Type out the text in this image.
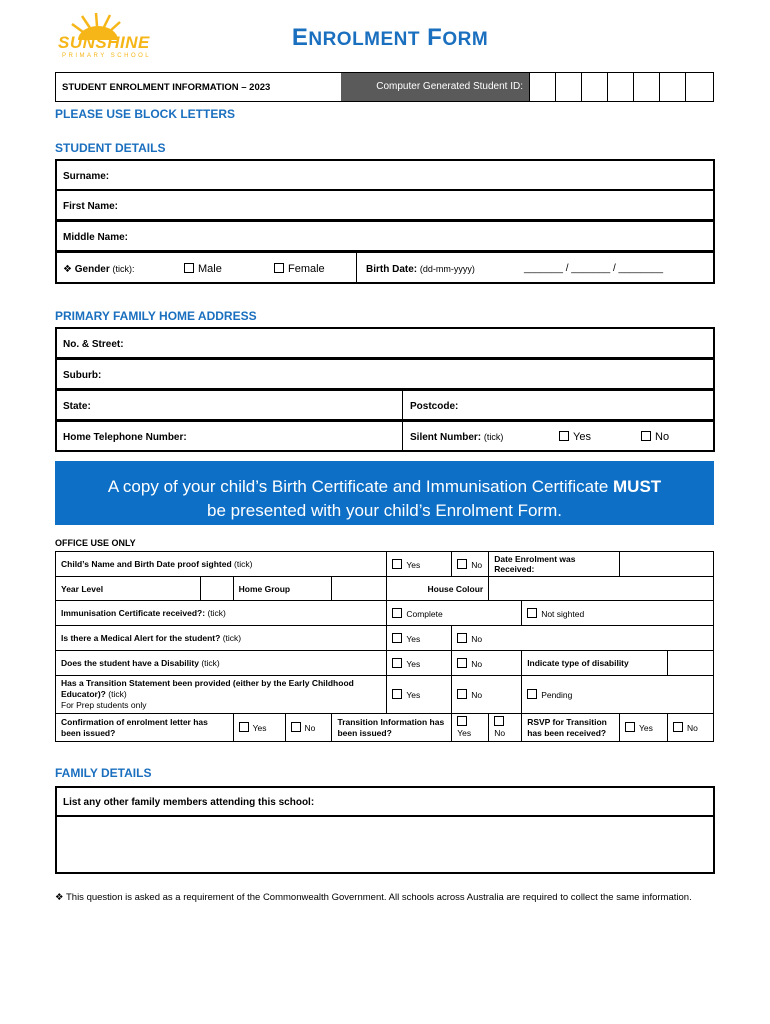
SUNSHINE
PRIMARY SCHOOL
ENROLMENT FORM
STUDENT ENROLMENT INFORMATION – 2023	Computer Generated Student ID:
PLEASE USE BLOCK LETTERS
STUDENT DETAILS
Surname:
First Name:
Middle Name:
❖ Gender (tick):	Male	Female	Birth Date: (dd-mm-yyyy)	_______ / _______ / ________
PRIMARY FAMILY HOME ADDRESS
No. & Street:
Suburb:
State:	Postcode:
Home Telephone Number:	Silent Number: (tick)	Yes	No
A copy of your child’s Birth Certificate and Immunisation Certificate MUST
be presented with your child’s Enrolment Form.
OFFICE USE ONLY
Child’s Name and Birth Date proof sighted (tick)					Yes	No	Date Enrolment was Received:			
Year Level		Home Group			House Colour					
Immunisation Certificate received?: (tick)					Complete			Not sighted		
Is there a Medical Alert for the student? (tick)					Yes	No				
Does the student have a Disability (tick)					Yes	No		Indicate type of disability		
Has a Transition Statement been provided (either by the Early Childhood Educator)? (tick)
For Prep students only					Yes	No		Pending		
Confirmation of enrolment letter has been issued?		Yes	No	Transition Information has been issued?		Yes	No	RSVP for Transition has been received?	Yes	No
FAMILY DETAILS
List any other family members attending this school:
❖ This question is asked as a requirement of the Commonwealth Government. All schools across Australia are required to collect the same information.
